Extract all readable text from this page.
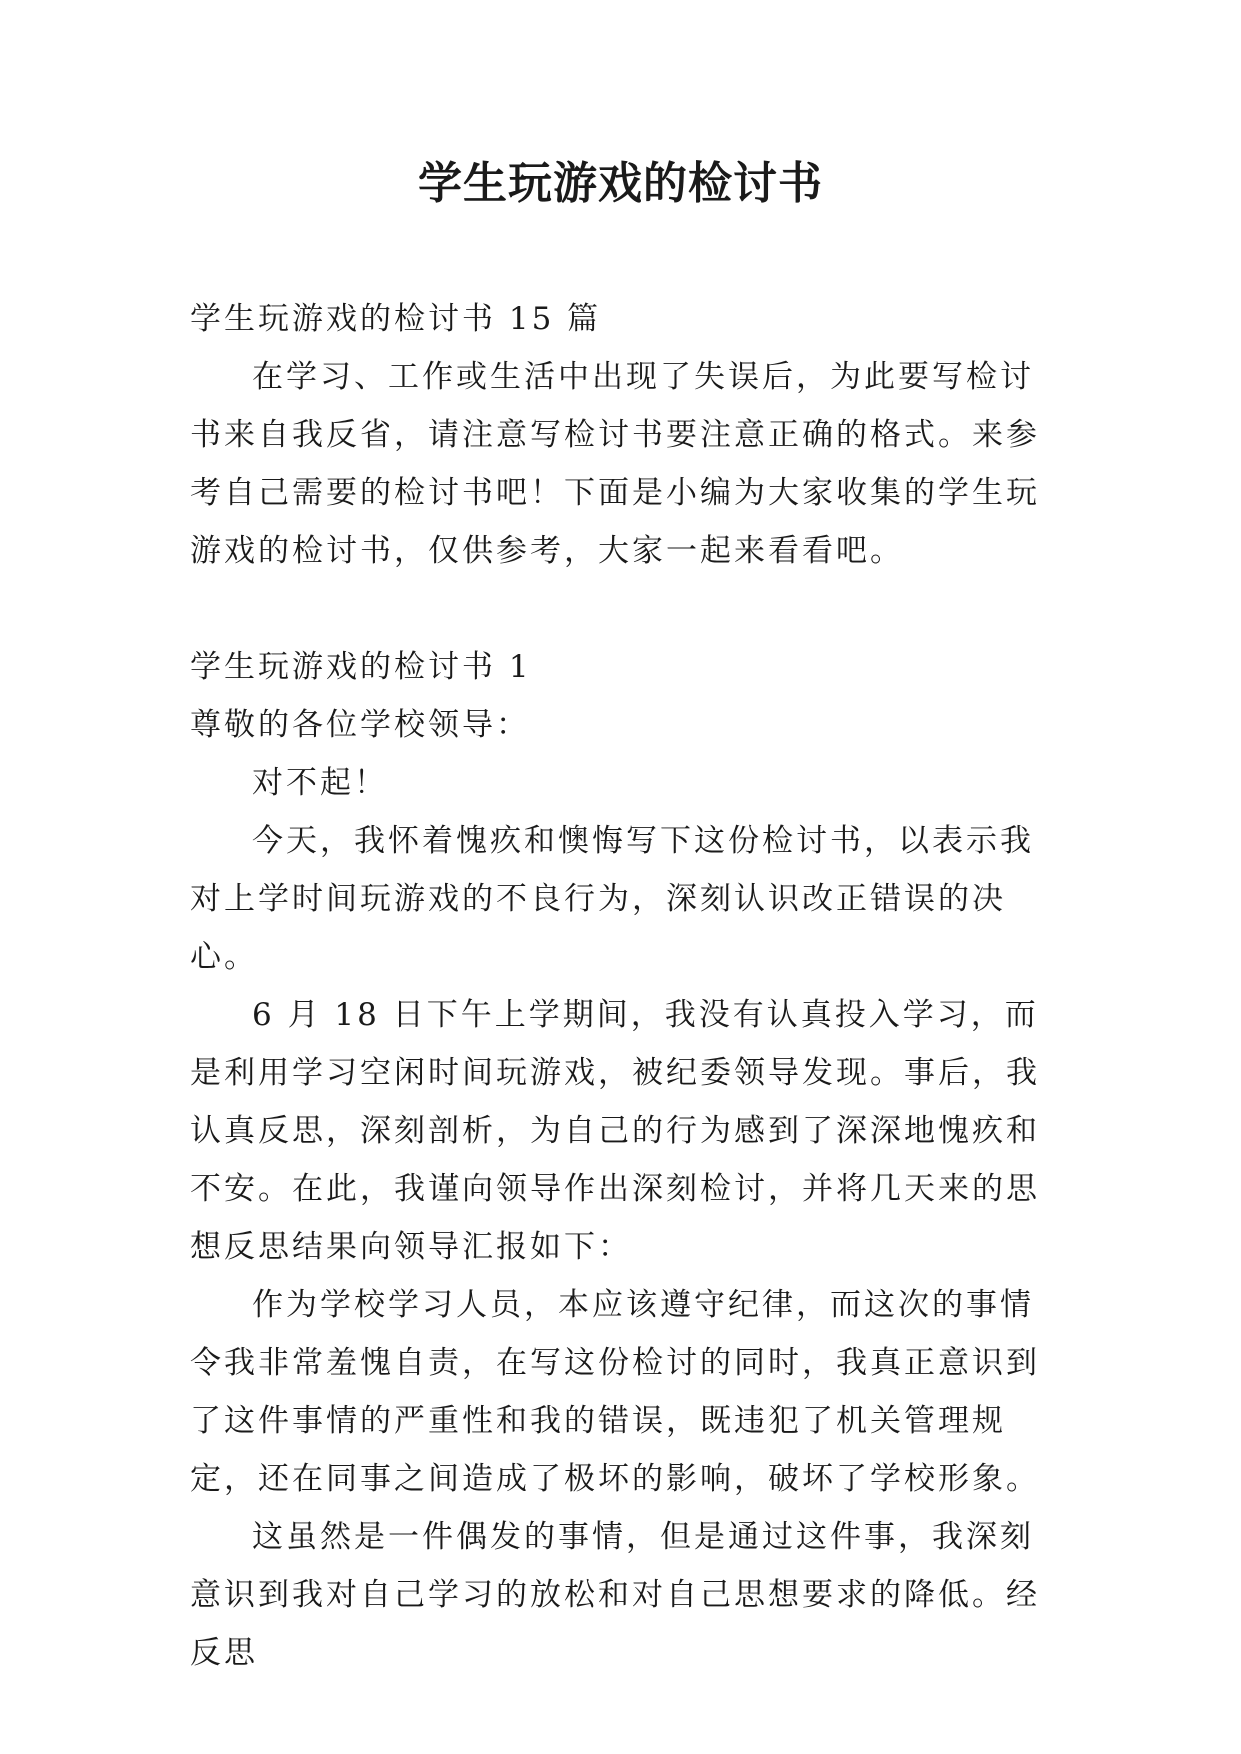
学生玩游戏的检讨书

学生玩游戏的检讨书 15 篇

在学习、工作或生活中出现了失误后，为此要写检讨书来自我反省，请注意写检讨书要注意正确的格式。来参考自己需要的检讨书吧！下面是小编为大家收集的学生玩游戏的检讨书，仅供参考，大家一起来看看吧。

学生玩游戏的检讨书 1

尊敬的各位学校领导：

对不起！

今天，我怀着愧疚和懊悔写下这份检讨书，以表示我对上学时间玩游戏的不良行为，深刻认识改正错误的决心。

6 月 18 日下午上学期间，我没有认真投入学习，而是利用学习空闲时间玩游戏，被纪委领导发现。事后，我认真反思，深刻剖析，为自己的行为感到了深深地愧疚和不安。在此，我谨向领导作出深刻检讨，并将几天来的思想反思结果向领导汇报如下：

作为学校学习人员，本应该遵守纪律，而这次的事情令我非常羞愧自责，在写这份检讨的同时，我真正意识到了这件事情的严重性和我的错误，既违犯了机关管理规定，还在同事之间造成了极坏的影响，破坏了学校形象。

这虽然是一件偶发的事情，但是通过这件事，我深刻意识到我对自己学习的放松和对自己思想要求的降低。经反思
